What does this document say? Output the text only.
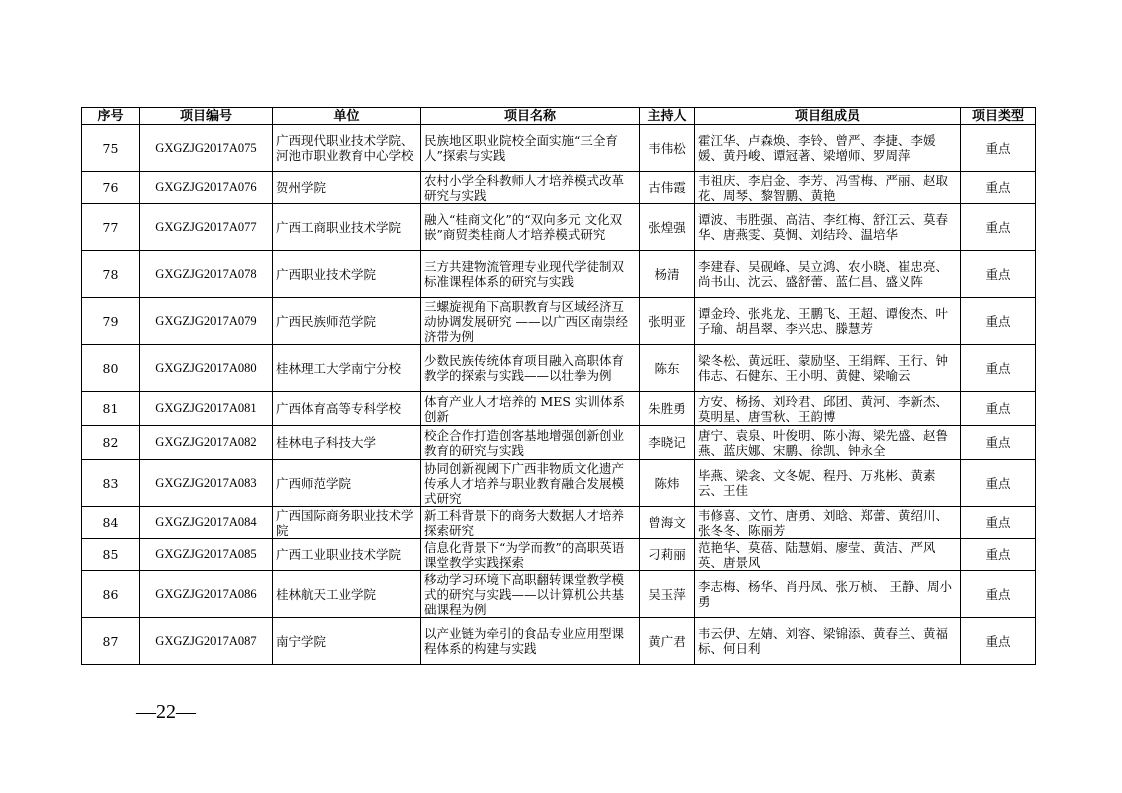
序号	项目编号	单位	项目名称	主持人	项目组成员	项目类型
75	GXGZJG2017A075	广西现代职业技术学院、河池市职业教育中心学校	民族地区职业院校全面实施“三全育人”探索与实践	韦伟松	霍江华、卢森焕、李铃、曾严、李捷、李媛媛、黄丹峻、谭冠著、梁增师、罗周萍	重点
76	GXGZJG2017A076	贺州学院	农村小学全科教师人才培养模式改革研究与实践	古伟霞	韦祖庆、李启金、李芳、冯雪梅、严丽、赵取花、周琴、黎智鹏、黄艳	重点
77	GXGZJG2017A077	广西工商职业技术学院	融入“桂商文化”的“双向多元 文化双嵌”商贸类桂商人才培养模式研究	张煌强	谭波、韦胜强、高洁、李红梅、舒江云、莫春华、唐燕雯、莫惆、刘结玲、温培华	重点
78	GXGZJG2017A078	广西职业技术学院	三方共建物流管理专业现代学徒制双标准课程体系的研究与实践	杨清	李建春、吴砚峰、吴立鸿、农小晓、崔忠亮、尚书山、沈云、盛舒蕾、蓝仁昌、盛义阵	重点
79	GXGZJG2017A079	广西民族师范学院	三螺旋视角下高职教育与区域经济互动协调发展研究 ——以广西区南崇经济带为例	张明亚	谭金玲、张兆龙、王鹏飞、王超、谭俊杰、叶子瑜、胡昌翠、李兴忠、滕慧芳	重点
80	GXGZJG2017A080	桂林理工大学南宁分校	少数民族传统体育项目融入高职体育教学的探索与实践——以壮拳为例	陈东	梁冬松、黄远旺、蒙励坚、王绢辉、王行、钟伟志、石健东、王小明、黄健、梁喻云	重点
81	GXGZJG2017A081	广西体育高等专科学校	体育产业人才培养的 MES 实训体系创新	朱胜勇	方安、杨扬、刘玲君、邱团、黄河、李新杰、莫明星、唐雪秋、王韵博	重点
82	GXGZJG2017A082	桂林电子科技大学	校企合作打造创客基地增强创新创业教育的研究与实践	李晓记	唐宁、袁泉、叶俊明、陈小海、梁先盛、赵鲁燕、蓝庆娜、宋鹏、徐凯、钟永全	重点
83	GXGZJG2017A083	广西师范学院	协同创新视阈下广西非物质文化遗产传承人才培养与职业教育融合发展模式研究	陈炜	毕燕、梁衾、文冬妮、程丹、万兆彬、黄素云、王佳	重点
84	GXGZJG2017A084	广西国际商务职业技术学院	新工科背景下的商务大数据人才培养探索研究	曾海文	韦修喜、文竹、唐勇、刘晗、郑蕾、黄绍川、张冬冬、陈丽芳	重点
85	GXGZJG2017A085	广西工业职业技术学院	信息化背景下“为学而教”的高职英语课堂教学实践探索	刁莉丽	范艳华、莫蓓、陆慧娟、廖莹、黄洁、严风英、唐景风	重点
86	GXGZJG2017A086	桂林航天工业学院	移动学习环境下高职翻转课堂教学模式的研究与实践——以计算机公共基础课程为例	吴玉萍	李志梅、杨华、肖丹凤、张万桢、 王静、周小勇	重点
87	GXGZJG2017A087	南宁学院	以产业链为牵引的食品专业应用型课程体系的构建与实践	黄广君	韦云伊、左婧、刘容、梁锦添、黄春兰、黄福标、何日利	重点
—22—
